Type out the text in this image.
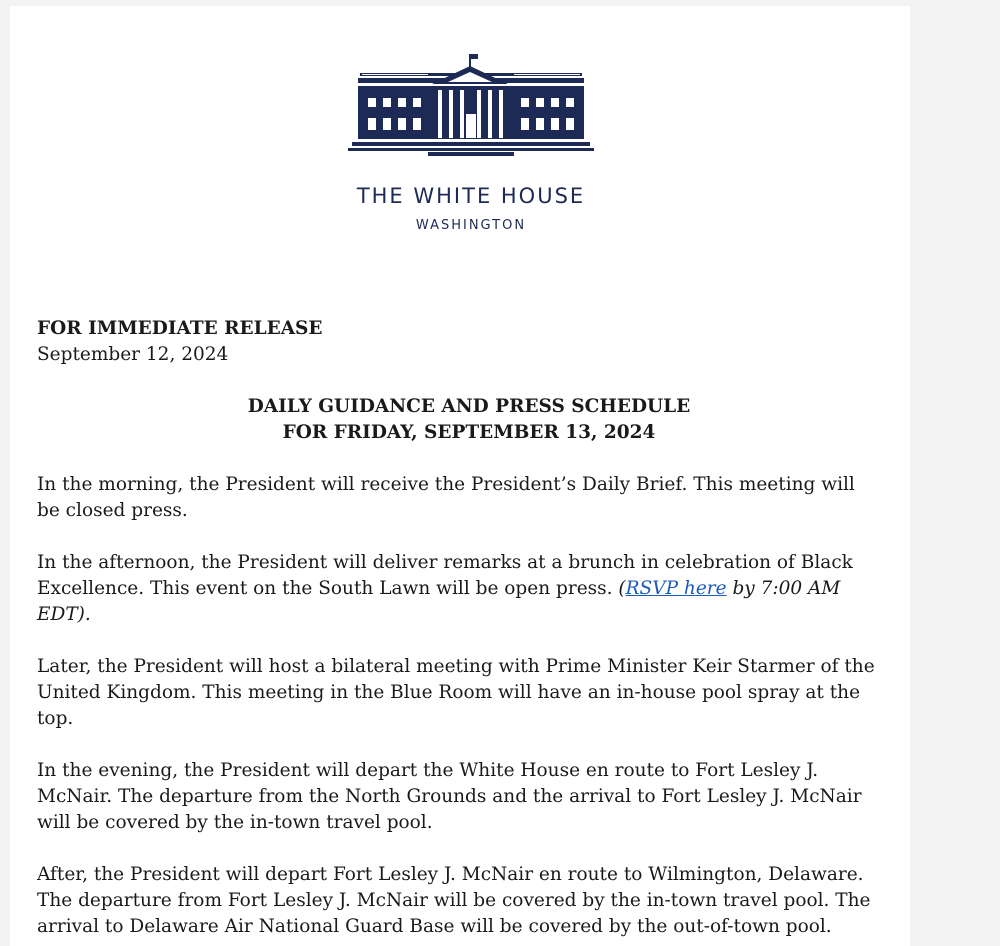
THE WHITE HOUSE
WASHINGTON
FOR IMMEDIATE RELEASE
September 12, 2024
DAILY GUIDANCE AND PRESS SCHEDULE
FOR FRIDAY, SEPTEMBER 13, 2024

In the morning, the President will receive the President’s Daily Brief. This meeting will be closed press.

In the afternoon, the President will deliver remarks at a brunch in celebration of Black Excellence. This event on the South Lawn will be open press. (RSVP here by 7:00 AM EDT).

Later, the President will host a bilateral meeting with Prime Minister Keir Starmer of the United Kingdom. This meeting in the Blue Room will have an in-house pool spray at the top.

In the evening, the President will depart the White House en route to Fort Lesley J. McNair. The departure from the North Grounds and the arrival to Fort Lesley J. McNair will be covered by the in-town travel pool.

After, the President will depart Fort Lesley J. McNair en route to Wilmington, Delaware. The departure from Fort Lesley J. McNair will be covered by the in-town travel pool. The arrival to Delaware Air National Guard Base will be covered by the out-of-town pool.
